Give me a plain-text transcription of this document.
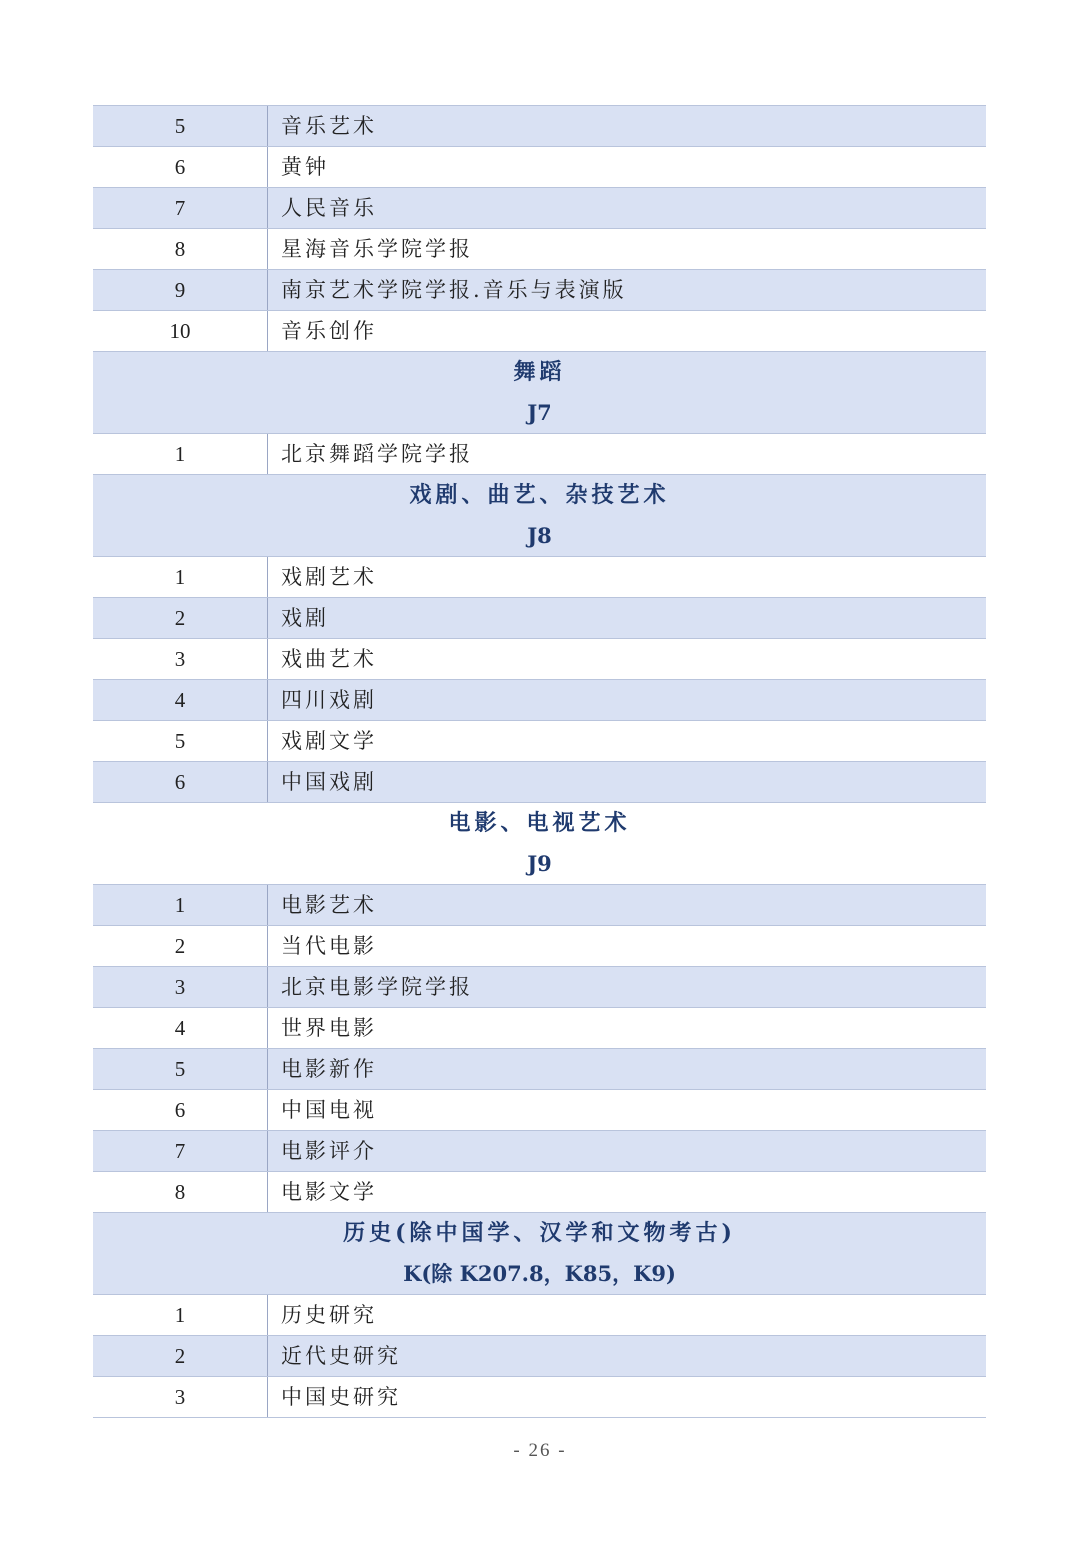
5	音乐艺术
6	黄钟
7	人民音乐
8	星海音乐学院学报
9	南京艺术学院学报.音乐与表演版
10	音乐创作
舞蹈
J7
1	北京舞蹈学院学报
戏剧、曲艺、杂技艺术
J8
1	戏剧艺术
2	戏剧
3	戏曲艺术
4	四川戏剧
5	戏剧文学
6	中国戏剧
电影、电视艺术
J9
1	电影艺术
2	当代电影
3	北京电影学院学报
4	世界电影
5	电影新作
6	中国电视
7	电影评介
8	电影文学
历史(除中国学、汉学和文物考古)
K(除 K207.8，K85，K9)
1	历史研究
2	近代史研究
3	中国史研究
- 26 -
